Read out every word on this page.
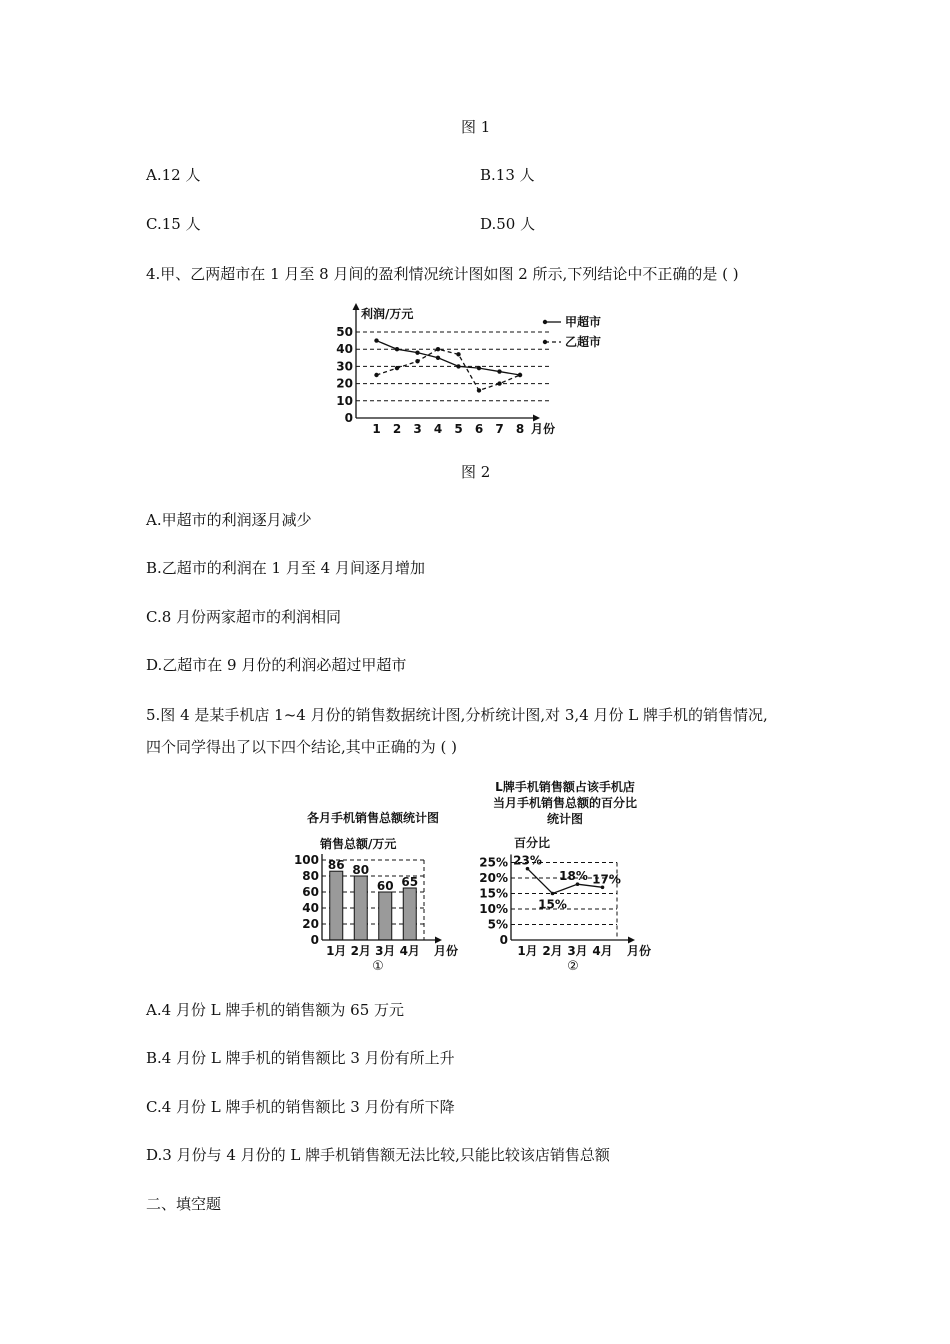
图 1
A.12 人	B.13 人
C.15 人	D.50 人
4.甲、乙两超市在 1 月至 8 月间的盈利情况统计图如图 2 所示,下列结论中不正确的是 ( )
0
10
20
30
40
50
1 2 3 4 5 6 7 8 月份
利润/万元
甲超市
乙超市
图 2
A.甲超市的利润逐月减少
B.乙超市的利润在 1 月至 4 月间逐月增加
C.8 月份两家超市的利润相同
D.乙超市在 9 月份的利润必超过甲超市
5.图 4 是某手机店 1~4 月份的销售数据统计图,分析统计图,对 3,4 月份 L 牌手机的销售情况,
四个同学得出了以下四个结论,其中正确的为 ( )
各月手机销售总额统计图
销售总额/万元
0
20
40
60
80
100 86
1月
80
2月
60
3月
65
4月 月份
①
L牌手机销售额占该手机店
当月手机销售总额的百分比
统计图
百分比
0
5%
10%
15%
20%
25% 23%
1月
15%
2月
18%
3月
17%
4月 月份
②
A.4 月份 L 牌手机的销售额为 65 万元
B.4 月份 L 牌手机的销售额比 3 月份有所上升
C.4 月份 L 牌手机的销售额比 3 月份有所下降
D.3 月份与 4 月份的 L 牌手机销售额无法比较,只能比较该店销售总额
二、填空题
